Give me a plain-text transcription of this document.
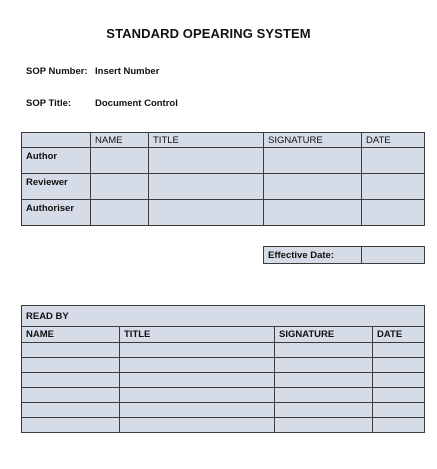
STANDARD OPEARING SYSTEM
SOP Number: Insert Number
SOP Title:	Document Control
	NAME	TITLE	SIGNATURE	DATE
Author				
Reviewer				
Authoriser				
Effective Date:	
READ BY			
NAME	TITLE	SIGNATURE	DATE
